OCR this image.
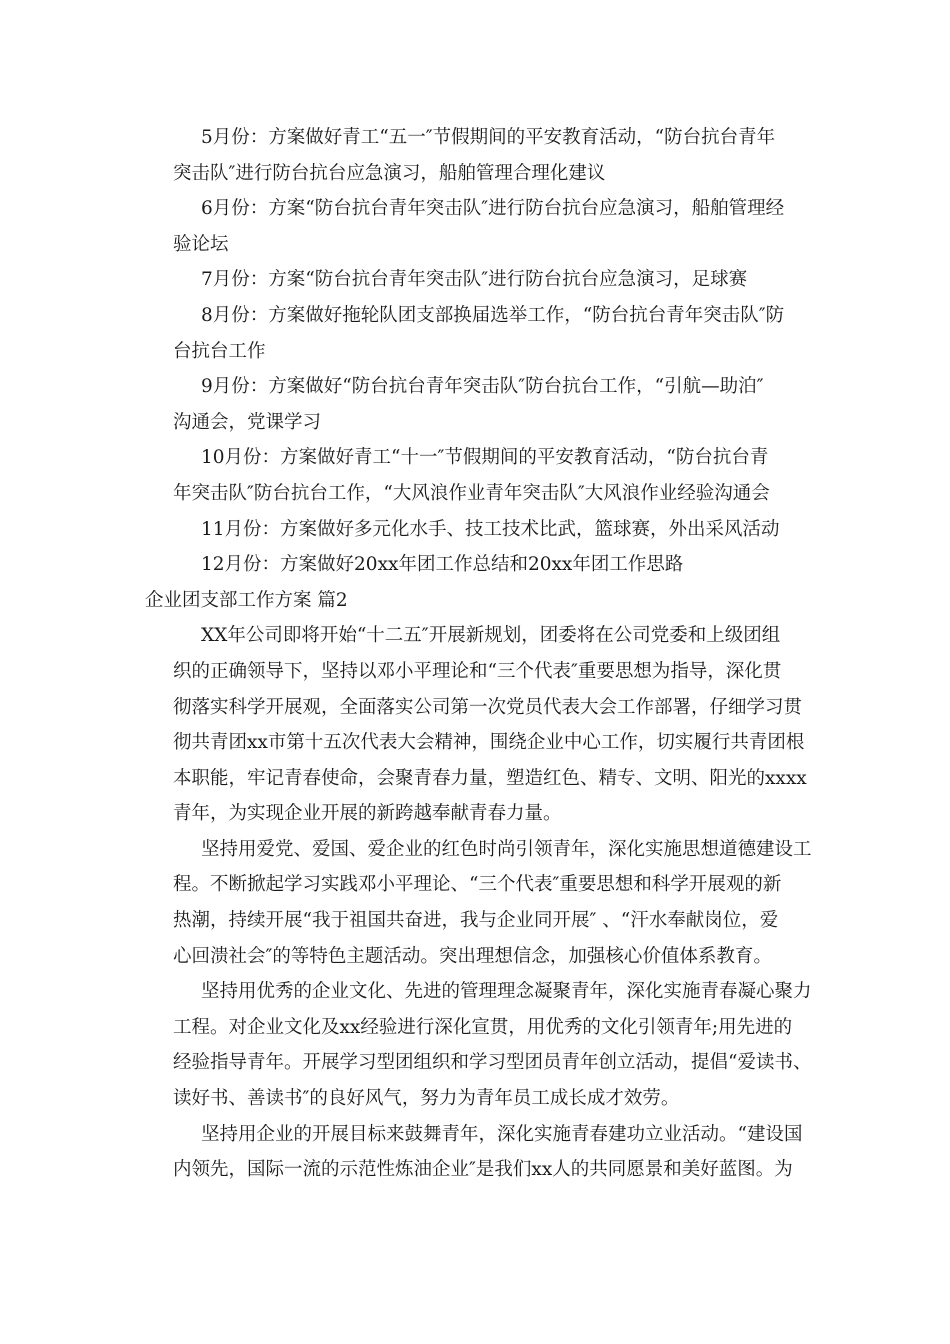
5月份：方案做好青工“五一″节假期间的平安教育活动，“防台抗台青年
突击队″进行防台抗台应急演习，船舶管理合理化建议
6月份：方案“防台抗台青年突击队″进行防台抗台应急演习，船舶管理经
验论坛
7月份：方案“防台抗台青年突击队″进行防台抗台应急演习，足球赛
8月份：方案做好拖轮队团支部换届选举工作，“防台抗台青年突击队″防
台抗台工作
9月份：方案做好“防台抗台青年突击队″防台抗台工作，“引航—助泊″
沟通会，党课学习
10月份：方案做好青工“十一″节假期间的平安教育活动，“防台抗台青
年突击队″防台抗台工作，“大风浪作业青年突击队″大风浪作业经验沟通会
11月份：方案做好多元化水手、技工技术比武，篮球赛，外出采风活动
12月份：方案做好20xx年团工作总结和20xx年团工作思路
企业团支部工作方案 篇2
XX年公司即将开始“十二五″开展新规划，团委将在公司党委和上级团组
织的正确领导下，坚持以邓小平理论和“三个代表″重要思想为指导，深化贯
彻落实科学开展观，全面落实公司第一次党员代表大会工作部署，仔细学习贯
彻共青团xx市第十五次代表大会精神，围绕企业中心工作，切实履行共青团根
本职能，牢记青春使命，会聚青春力量，塑造红色、精专、文明、阳光的xxxx
青年，为实现企业开展的新跨越奉献青春力量。
坚持用爱党、爱国、爱企业的红色时尚引领青年，深化实施思想道德建设工
程。不断掀起学习实践邓小平理论、“三个代表″重要思想和科学开展观的新
热潮，持续开展“我于祖国共奋进，我与企业同开展″ 、“汗水奉献岗位，爱
心回溃社会″的等特色主题活动。突出理想信念，加强核心价值体系教育。
坚持用优秀的企业文化、先进的管理理念凝聚青年，深化实施青春凝心聚力
工程。对企业文化及xx经验进行深化宣贯，用优秀的文化引领青年;用先进的
经验指导青年。开展学习型团组织和学习型团员青年创立活动，提倡“爱读书、
读好书、善读书″的良好风气，努力为青年员工成长成才效劳。
坚持用企业的开展目标来鼓舞青年，深化实施青春建功立业活动。“建设国
内领先，国际一流的示范性炼油企业″是我们xx人的共同愿景和美好蓝图。为
